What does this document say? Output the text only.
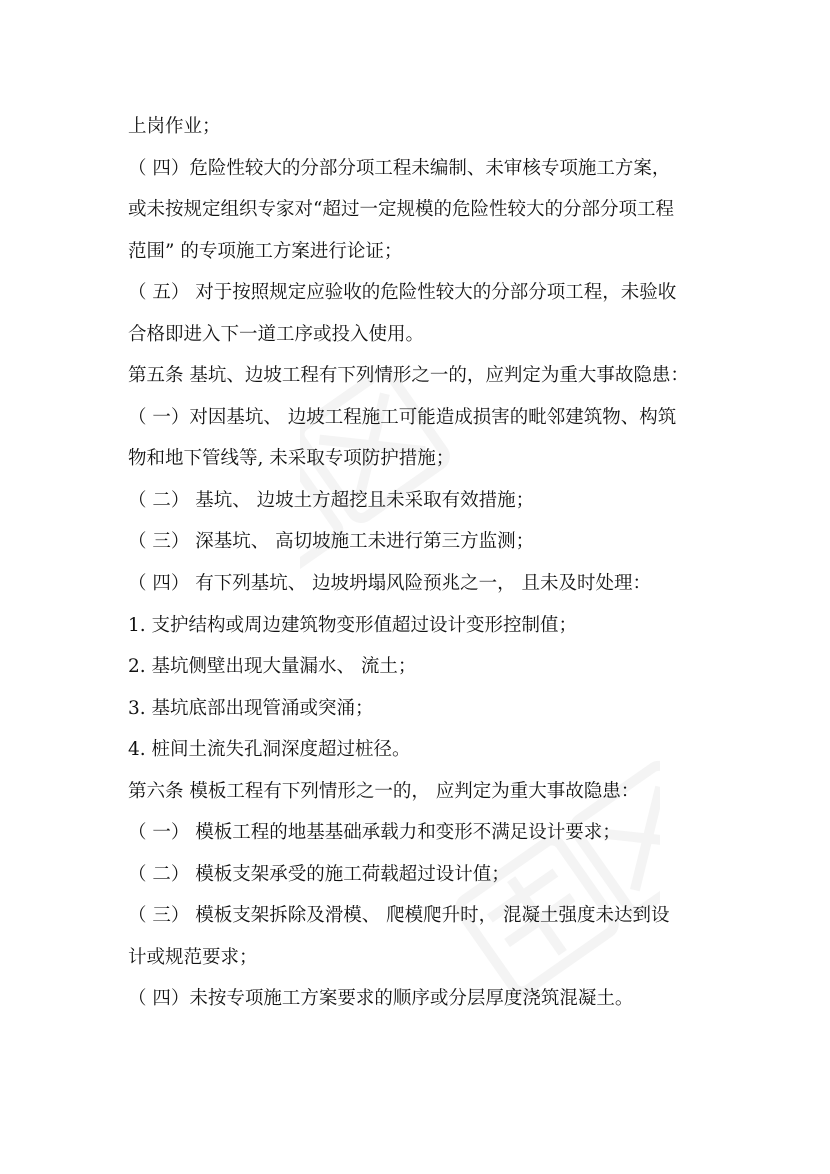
上岗作业；
（ 四）危险性较大的分部分项工程未编制、未审核专项施工方案，
或未按规定组织专家对“超过一定规模的危险性较大的分部分项工程
范围” 的专项施工方案进行论证；
（ 五） 对于按照规定应验收的危险性较大的分部分项工程，未验收
合格即进入下一道工序或投入使用。
第五条 基坑、边坡工程有下列情形之一的，应判定为重大事故隐患：
（ 一）对因基坑、 边坡工程施工可能造成损害的毗邻建筑物、构筑
物和地下管线等, 未采取专项防护措施；
（ 二） 基坑、 边坡土方超挖且未采取有效措施；
（ 三） 深基坑、 高切坡施工未进行第三方监测；
（ 四） 有下列基坑、 边坡坍塌风险预兆之一， 且未及时处理：
1. 支护结构或周边建筑物变形值超过设计变形控制值；
2. 基坑侧壁出现大量漏水、 流土；
3. 基坑底部出现管涌或突涌；
4. 桩间土流失孔洞深度超过桩径。
第六条 模板工程有下列情形之一的， 应判定为重大事故隐患：
（ 一） 模板工程的地基基础承载力和变形不满足设计要求；
（ 二） 模板支架承受的施工荷载超过设计值；
（ 三） 模板支架拆除及滑模、 爬模爬升时， 混凝土强度未达到设
计或规范要求；
（ 四）未按专项施工方案要求的顺序或分层厚度浇筑混凝土。
